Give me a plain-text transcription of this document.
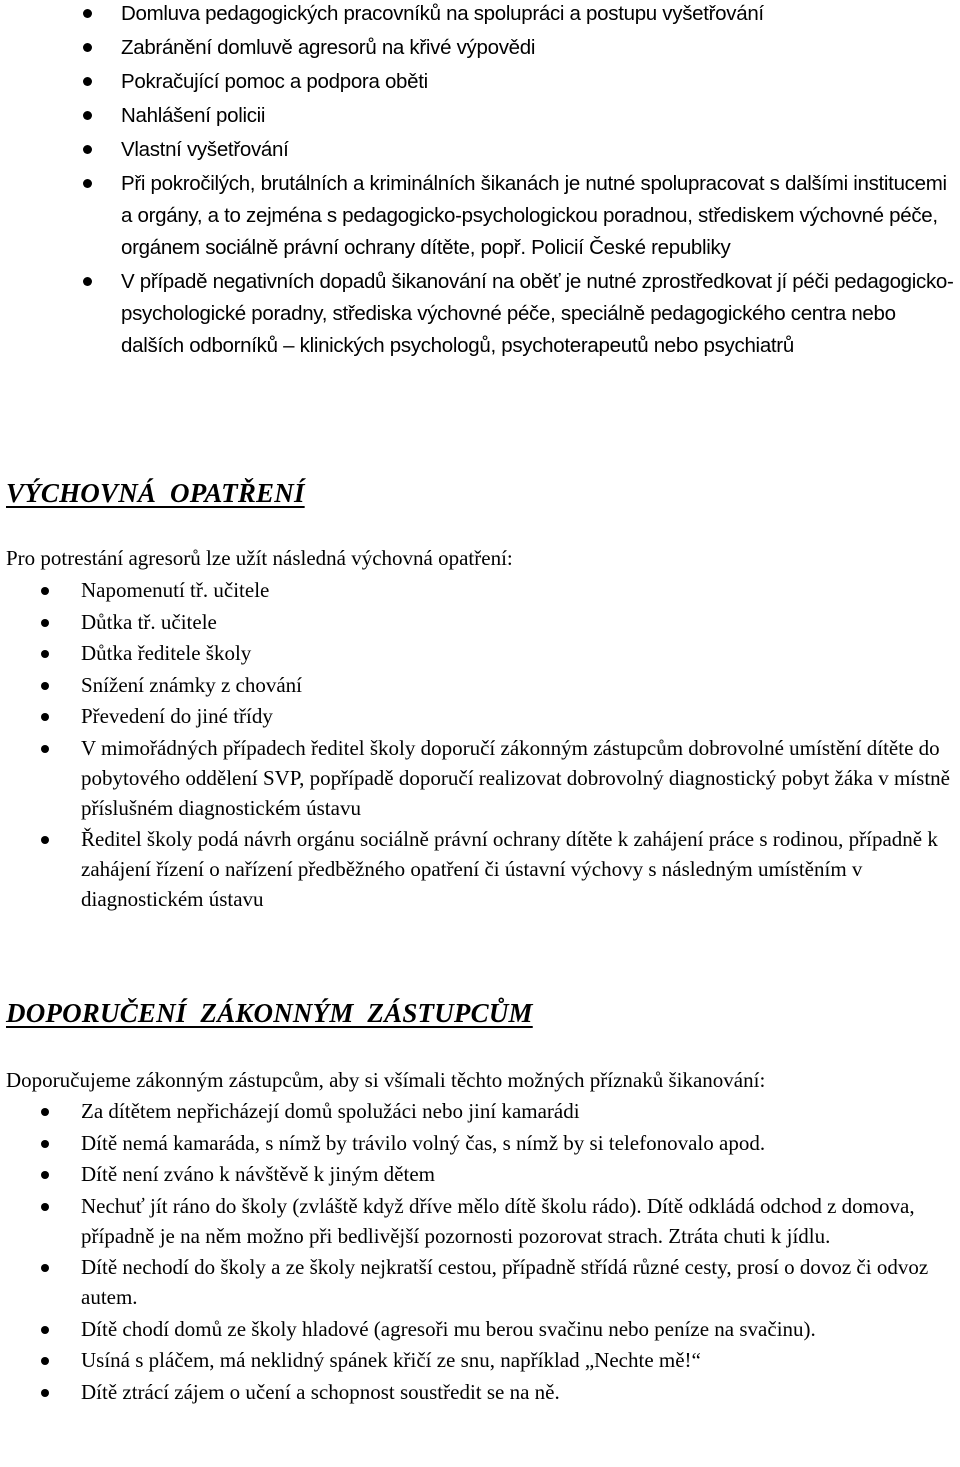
Domluva pedagogických pracovníků na spolupráci a postupu vyšetřování
Zabránění domluvě agresorů na křivé výpovědi
Pokračující pomoc a podpora oběti
Nahlášení policii
Vlastní vyšetřování
Při pokročilých, brutálních a kriminálních šikanách je nutné spolupracovat s dalšími institucemi a orgány, a to zejména s pedagogicko-psychologickou poradnou, střediskem výchovné péče, orgánem sociálně právní ochrany dítěte, popř. Policií České republiky
V případě negativních dopadů šikanování na oběť je nutné zprostředkovat jí péči pedagogicko-psychologické poradny, střediska výchovné péče, speciálně pedagogického centra nebo dalších odborníků – klinických psychologů, psychoterapeutů nebo psychiatrů
VÝCHOVNÁ  OPATŘENÍ
Pro potrestání agresorů lze užít následná výchovná opatření:
Napomenutí tř. učitele
Důtka tř. učitele
Důtka ředitele školy
Snížení známky z chování
Převedení do jiné třídy
V mimořádných případech ředitel školy doporučí zákonným zástupcům dobrovolné umístění dítěte do pobytového oddělení SVP, popřípadě doporučí realizovat dobrovolný diagnostický pobyt žáka v místně příslušném diagnostickém ústavu
Ředitel školy podá návrh orgánu sociálně právní ochrany dítěte k zahájení práce s rodinou, případně k zahájení řízení o nařízení předběžného opatření či ústavní výchovy s následným umístěním v diagnostickém ústavu
DOPORUČENÍ  ZÁKONNÝM  ZÁSTUPCŮM
Doporučujeme zákonným zástupcům, aby si všímali těchto možných příznaků šikanování:
Za dítětem nepřicházejí domů spolužáci nebo jiní kamarádi
Dítě nemá kamaráda, s nímž by trávilo volný čas, s nímž by si telefonovalo apod.
Dítě není zváno k návštěvě k jiným dětem
Nechuť jít ráno do školy (zvláště když dříve mělo dítě školu rádo). Dítě odkládá odchod z domova, případně je na něm možno při bedlivější pozornosti pozorovat strach. Ztráta chuti k jídlu.
Dítě nechodí do školy a ze školy nejkratší cestou, případně střídá různé cesty, prosí o dovoz či odvoz autem.
Dítě chodí domů ze školy hladové (agresoři mu berou svačinu nebo peníze na svačinu).
Usíná s pláčem, má neklidný spánek křičí ze snu, například „Nechte mě!“
Dítě ztrácí zájem o učení a schopnost soustředit se na ně.
